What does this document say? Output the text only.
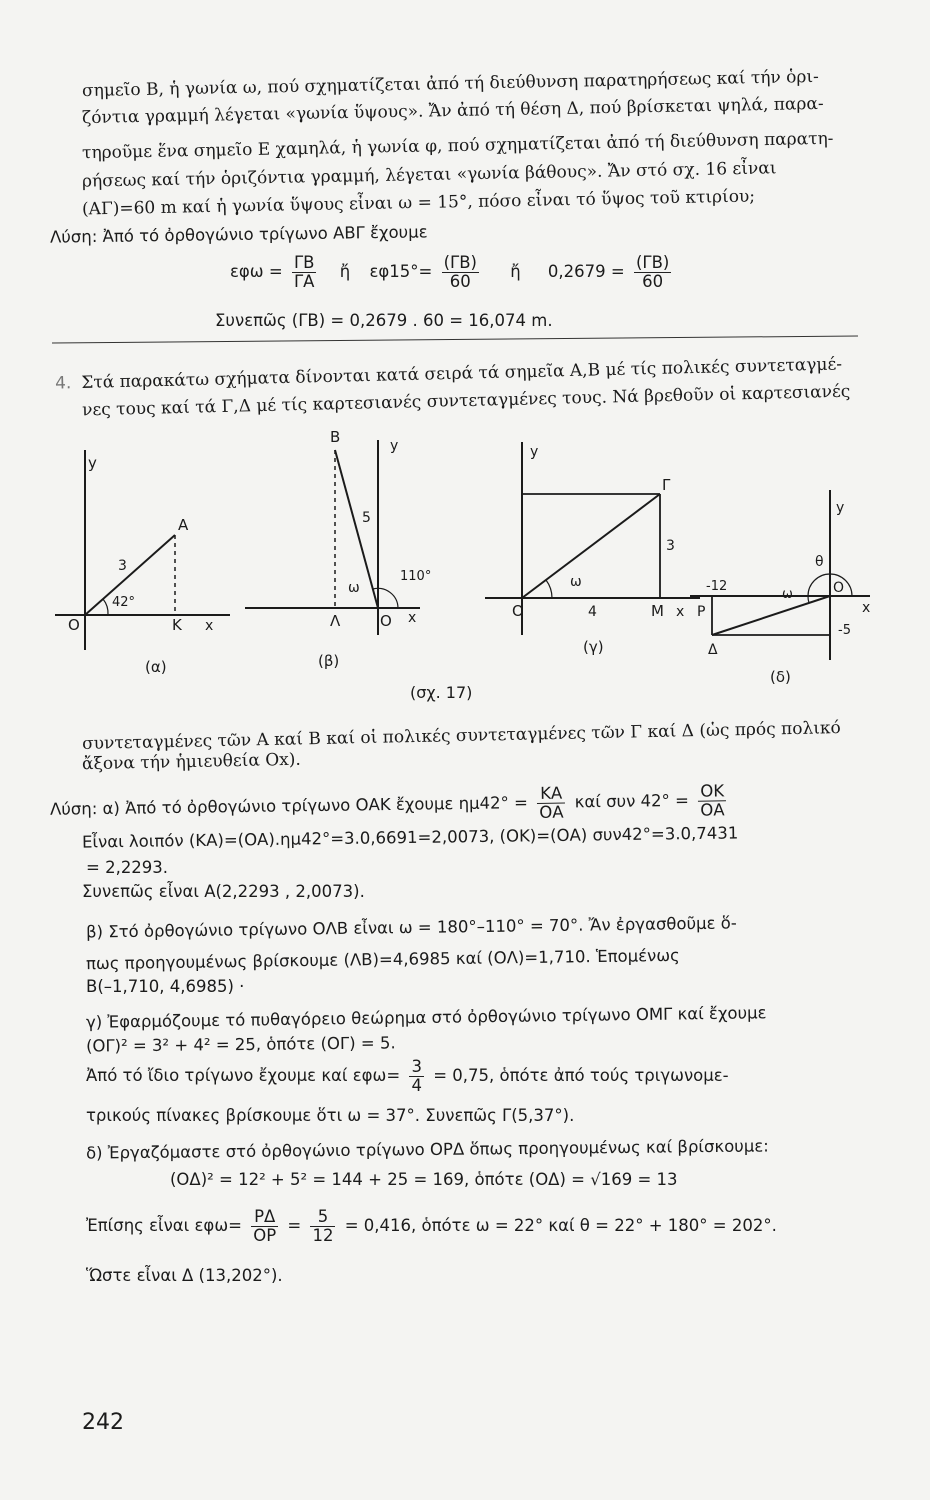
σημεῖο Β, ἡ γωνία ω, πού σχηματίζεται ἀπό τή διεύθυνση παρατηρήσεως καί τήν ὁρι-
ζόντια γραμμή λέγεται «γωνία ὕψους». Ἄν ἀπό τή θέση Δ, πού βρίσκεται ψηλά, παρα-
τηροῦμε ἕνα σημεῖο Ε χαμηλά, ἡ γωνία φ, πού σχηματίζεται ἀπό τή διεύθυνση παρατη-
ρήσεως καί τήν ὁριζόντια γραμμή, λέγεται «γωνία βάθους». Ἄν στό σχ. 16 εἶναι
(ΑΓ)=60 m καί ἡ γωνία ὕψους εἶναι ω = 15°, πόσο εἶναι τό ὕψος τοῦ κτιρίου;
Λύση: Ἀπό τό ὀρθογώνιο τρίγωνο ΑΒΓ ἔχουμε
$\varepsilon\varphi\omega = \frac{\Gamma B}{\Gamma A}$ ἤ $\varepsilon\varphi 15^\circ= \frac{(\Gamma B)}{60}$ ἤ $0,2679 = \frac{(\Gamma B)}{60}$
Συνεπῶς (ΓΒ) = 0,2679 . 60 = 16,074 m.
4. Στά παρακάτω σχήματα δίνονται κατά σειρά τά σημεῖα Α,Β μέ τίς πολικές συντεταγμέ-
νες τους καί τά Γ,Δ μέ τίς καρτεσιανές συντεταγμένες τους. Νά βρεθοῦν οἱ καρτεσιανές
y
A
3
42°
O	K x
(α)
B	y
5
110°
ω
Λ	O x
(β)
y
Γ
3
ω
O	4	M x
(γ)
y
θ
-12
ω	O
P	x
-5
Δ
(δ)
(σχ. 17)
συντεταγμένες τῶν Α καί Β καί οἱ πολικές συντεταγμένες τῶν Γ καί Δ (ὡς πρός πολικό
ἄξονα τήν ἡμιευθεία Οx).
Λύση: α) Ἀπό τό ὀρθογώνιο τρίγωνο ΟΑΚ ἔχουμε $\eta\mu 42^\circ = \frac{KA}{OA}$ καί συν $42^\circ = \frac{OK}{OA}$
Εἶναι λοιπόν (ΚΑ)=(ΟΑ).ημ42°=3.0,6691=2,0073, (ΟΚ)=(ΟΑ) συν42°=3.0,7431
= 2,2293.
Συνεπῶς εἶναι Α(2,2293 , 2,0073).
β) Στό ὀρθογώνιο τρίγωνο ΟΛΒ εἶναι ω = 180°–110° = 70°. Ἄν ἐργασθοῦμε ὅ-
πως προηγουμένως βρίσκουμε (ΛΒ)=4,6985 καί (ΟΛ)=1,710. Ἑπομένως
Β(–1,710, 4,6985) ·
γ) Ἐφαρμόζουμε τό πυθαγόρειο θεώρημα στό ὀρθογώνιο τρίγωνο ΟΜΓ καί ἔχουμε
(ΟΓ)² = 3² + 4² = 25, ὁπότε (ΟΓ) = 5.
Ἀπό τό ἴδιο τρίγωνο ἔχουμε καί $\varepsilon\varphi\omega= \frac{3}{4} = 0,75$, ὁπότε ἀπό τούς τριγωνομε-
τρικούς πίνακες βρίσκουμε ὅτι ω = 37°. Συνεπῶς Γ(5,37°).
δ) Ἐργαζόμαστε στό ὀρθογώνιο τρίγωνο ΟΡΔ ὅπως προηγουμένως καί βρίσκουμε:
(ΟΔ)² = 12² + 5² = 144 + 25 = 169, ὁπότε (ΟΔ) = √169 = 13
Ἐπίσης εἶναι $\varepsilon\varphi\omega= \frac{P\Delta}{OP} = \frac{5}{12} = 0,416$, ὁπότε ω = 22° καί θ = 22° + 180° = 202°.
Ὥστε εἶναι Δ (13,202°).
242
